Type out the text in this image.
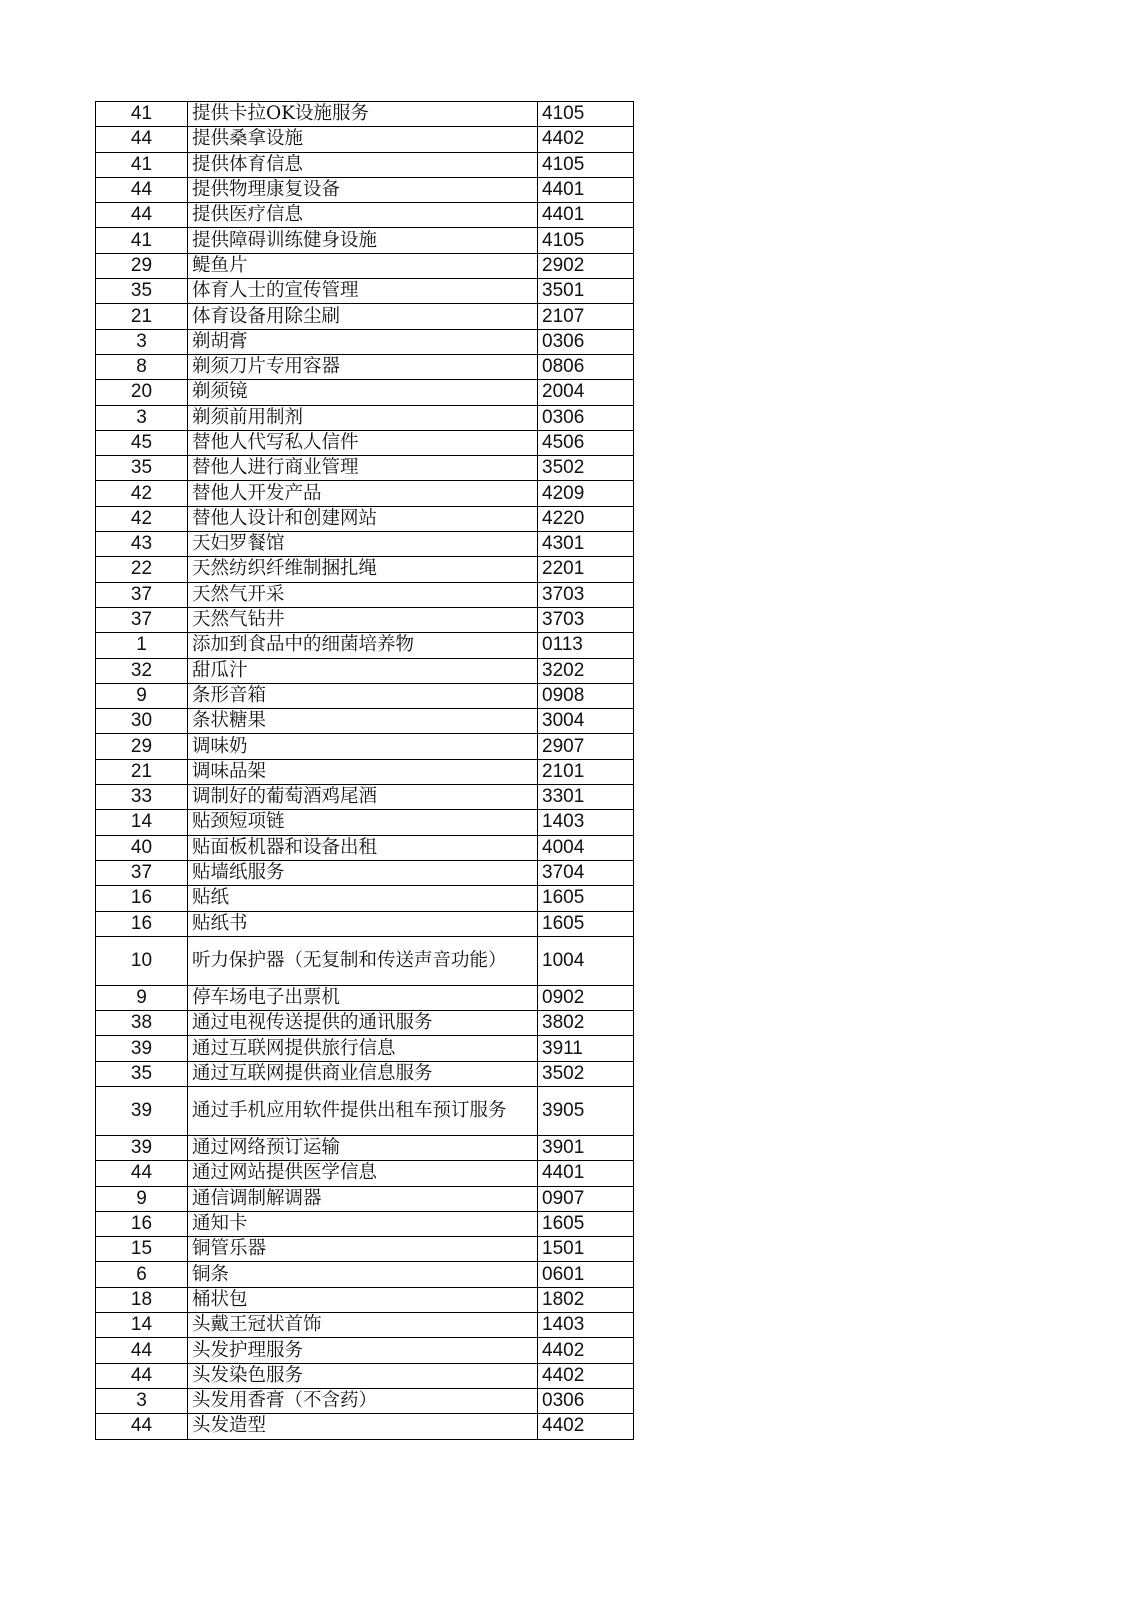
41	提供卡拉OK设施服务	4105
44	提供桑拿设施	4402
41	提供体育信息	4105
44	提供物理康复设备	4401
44	提供医疗信息	4401
41	提供障碍训练健身设施	4105
29	鳀鱼片	2902
35	体育人士的宣传管理	3501
21	体育设备用除尘刷	2107
3	剃胡膏	0306
8	剃须刀片专用容器	0806
20	剃须镜	2004
3	剃须前用制剂	0306
45	替他人代写私人信件	4506
35	替他人进行商业管理	3502
42	替他人开发产品	4209
42	替他人设计和创建网站	4220
43	天妇罗餐馆	4301
22	天然纺织纤维制捆扎绳	2201
37	天然气开采	3703
37	天然气钻井	3703
1	添加到食品中的细菌培养物	0113
32	甜瓜汁	3202
9	条形音箱	0908
30	条状糖果	3004
29	调味奶	2907
21	调味品架	2101
33	调制好的葡萄酒鸡尾酒	3301
14	贴颈短项链	1403
40	贴面板机器和设备出租	4004
37	贴墙纸服务	3704
16	贴纸	1605
16	贴纸书	1605
10	听力保护器（无复制和传送声音功能）	1004
9	停车场电子出票机	0902
38	通过电视传送提供的通讯服务	3802
39	通过互联网提供旅行信息	3911
35	通过互联网提供商业信息服务	3502
39	通过手机应用软件提供出租车预订服务	3905
39	通过网络预订运输	3901
44	通过网站提供医学信息	4401
9	通信调制解调器	0907
16	通知卡	1605
15	铜管乐器	1501
6	铜条	0601
18	桶状包	1802
14	头戴王冠状首饰	1403
44	头发护理服务	4402
44	头发染色服务	4402
3	头发用香膏（不含药）	0306
44	头发造型	4402
